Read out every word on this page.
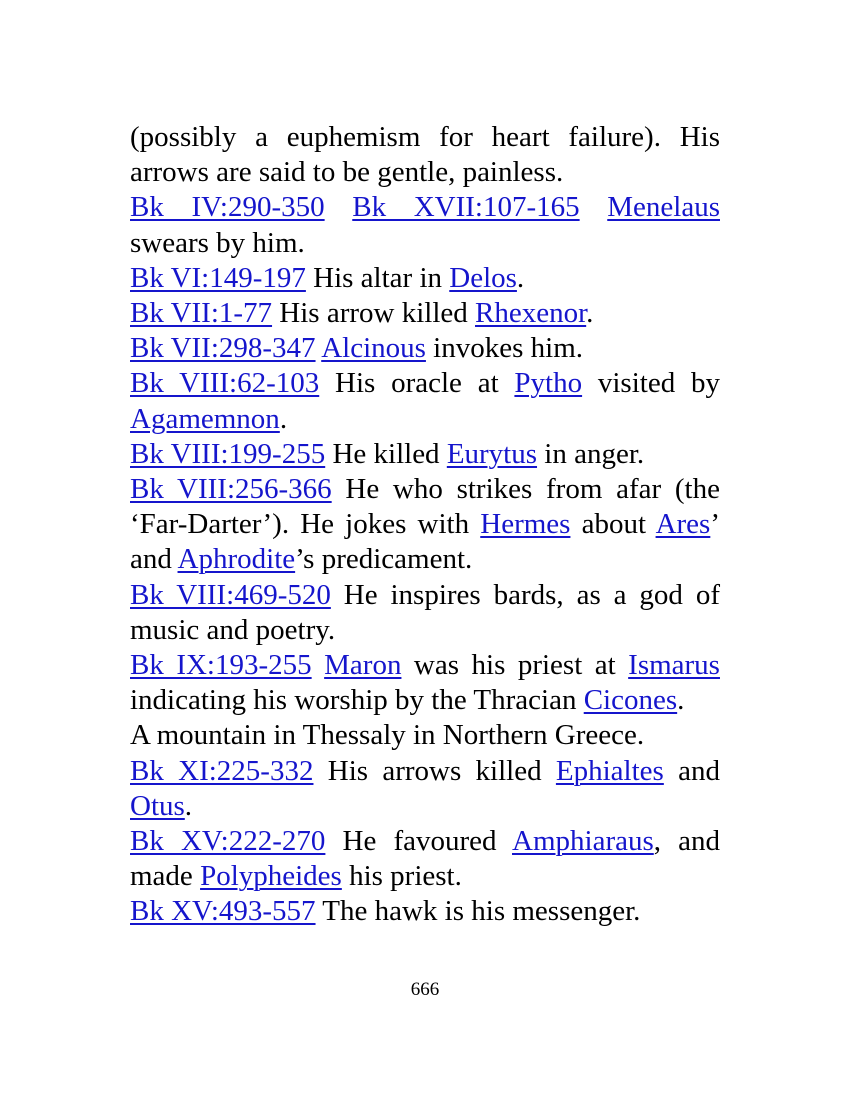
(possibly a euphemism for heart failure). His arrows are said to be gentle, painless.

Bk IV:290-350 Bk XVII:107-165 Menelaus swears by him.

Bk VI:149-197 His altar in Delos.

Bk VII:1-77 His arrow killed Rhexenor.

Bk VII:298-347 Alcinous invokes him.

Bk VIII:62-103 His oracle at Pytho visited by Agamemnon.

Bk VIII:199-255 He killed Eurytus in anger.

Bk VIII:256-366 He who strikes from afar (the ‘Far-Darter’). He jokes with Hermes about Ares’ and Aphrodite’s predicament.

Bk VIII:469-520 He inspires bards, as a god of music and poetry.

Bk IX:193-255 Maron was his priest at Ismarus indicating his worship by the Thracian Cicones.

A mountain in Thessaly in Northern Greece.

Bk XI:225-332 His arrows killed Ephialtes and Otus.

Bk XV:222-270 He favoured Amphiaraus, and made Polypheides his priest.

Bk XV:493-557 The hawk is his messenger.

666
